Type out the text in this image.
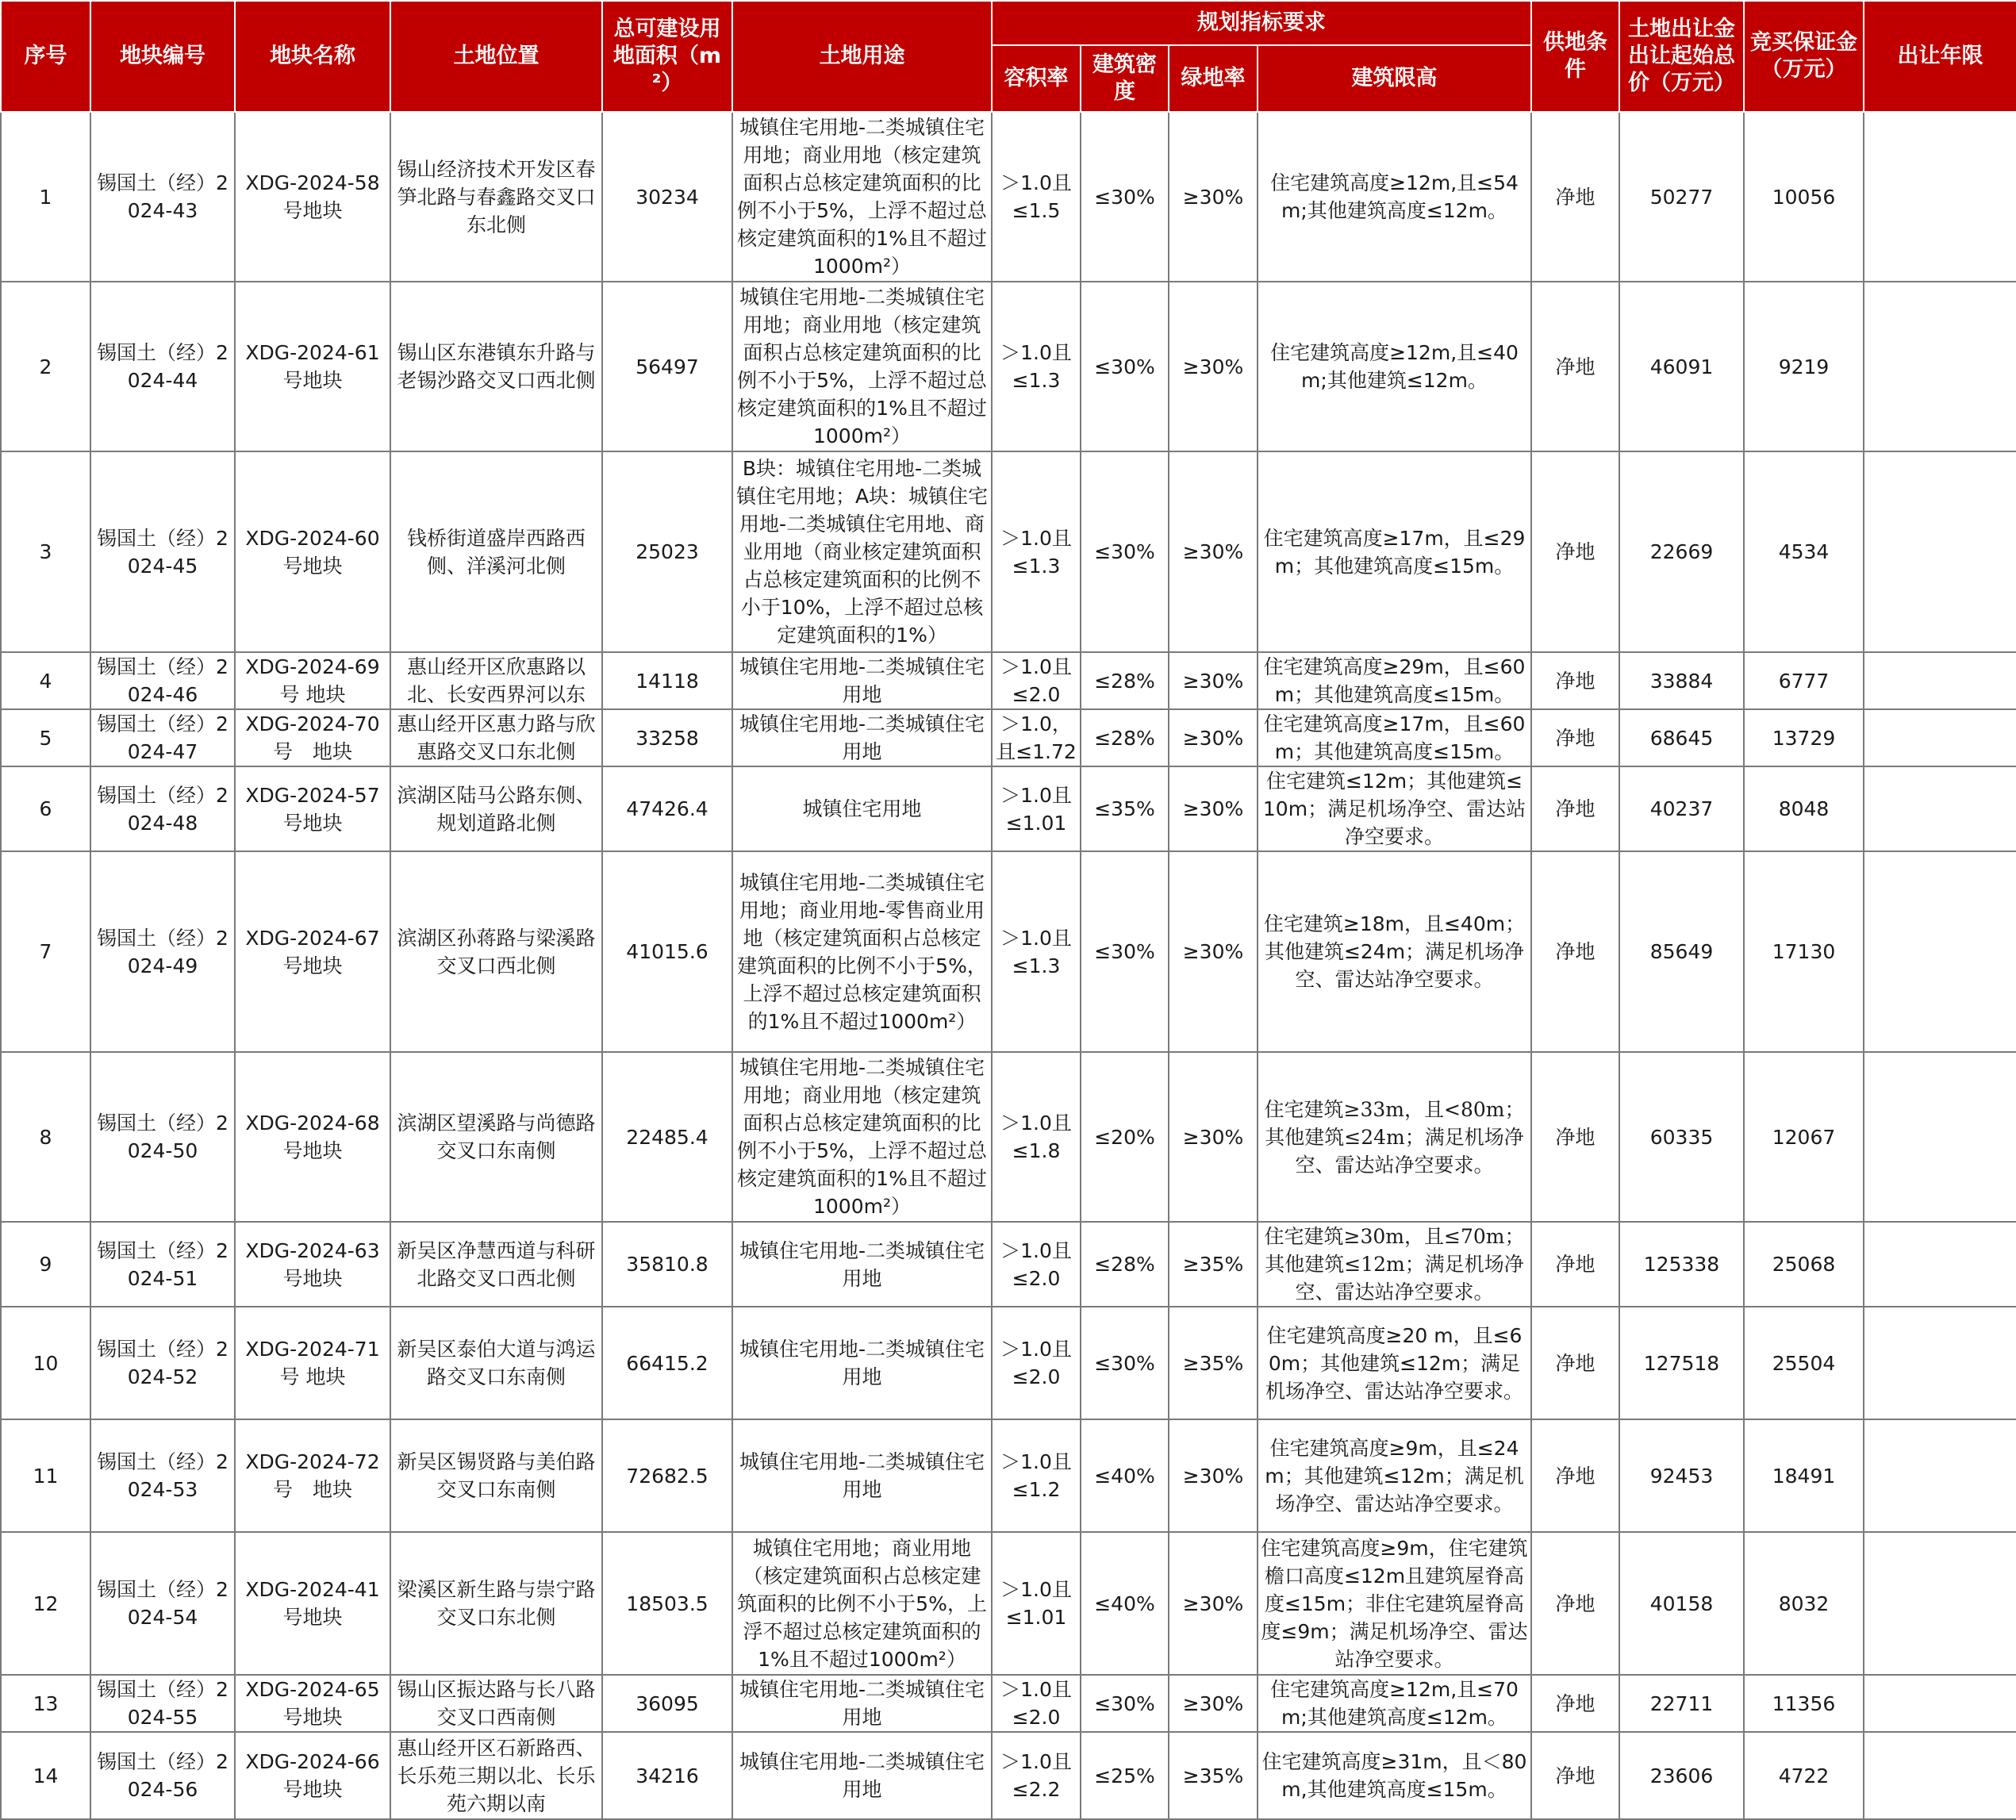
序号	地块编号	地块名称	土地位置	总可建设用地面积（m²）	土地用途	规划指标要求				供地条件	土地出让金出让起始总价（万元）	竞买保证金（万元）	出让年限
						容积率	建筑密度	绿地率	建筑限高				
1	锡国土（经）2024-43	XDG-2024-58号地块	锡山经济技术开发区春笋北路与春鑫路交叉口东北侧	30234	城镇住宅用地-二类城镇住宅用地；商业用地（核定建筑面积占总核定建筑面积的比例不小于5%，上浮不超过总核定建筑面积的1%且不超过1000m²）	＞1.0且≤1.5	≤30%	≥30%	住宅建筑高度≥12m,且≤54m;其他建筑高度≤12m。	净地	50277	10056	
2	锡国土（经）2024-44	XDG-2024-61号地块	锡山区东港镇东升路与老锡沙路交叉口西北侧	56497	城镇住宅用地-二类城镇住宅用地；商业用地（核定建筑面积占总核定建筑面积的比例不小于5%，上浮不超过总核定建筑面积的1%且不超过1000m²）	＞1.0且≤1.3	≤30%	≥30%	住宅建筑高度≥12m,且≤40m;其他建筑≤12m。	净地	46091	9219	
3	锡国土（经）2024-45	XDG-2024-60号地块	钱桥街道盛岸西路西侧、洋溪河北侧	25023	B块：城镇住宅用地-二类城镇住宅用地；A块：城镇住宅用地-二类城镇住宅用地、商业用地（商业核定建筑面积占总核定建筑面积的比例不小于10%，上浮不超过总核定建筑面积的1%）	＞1.0且≤1.3	≤30%	≥30%	住宅建筑高度≥17m，且≤29m；其他建筑高度≤15m。	净地	22669	4534	
4	锡国土（经）2024-46	XDG-2024-69号 地块	惠山经开区欣惠路以北、长安西界河以东	14118	城镇住宅用地-二类城镇住宅用地	＞1.0且≤2.0	≤28%	≥30%	住宅建筑高度≥29m，且≤60m；其他建筑高度≤15m。	净地	33884	6777	
5	锡国土（经）2024-47	XDG-2024-70号　地块	惠山经开区惠力路与欣惠路交叉口东北侧	33258	城镇住宅用地-二类城镇住宅用地	＞1.0，且≤1.72	≤28%	≥30%	住宅建筑高度≥17m，且≤60m；其他建筑高度≤15m。	净地	68645	13729	
6	锡国土（经）2024-48	XDG-2024-57号地块	滨湖区陆马公路东侧、规划道路北侧	47426.4	城镇住宅用地	＞1.0且≤1.01	≤35%	≥30%	住宅建筑≤12m；其他建筑≤10m；满足机场净空、雷达站净空要求。	净地	40237	8048	
7	锡国土（经）2024-49	XDG-2024-67号地块	滨湖区孙蒋路与梁溪路交叉口西北侧	41015.6	城镇住宅用地-二类城镇住宅用地；商业用地-零售商业用地（核定建筑面积占总核定建筑面积的比例不小于5%，上浮不超过总核定建筑面积的1%且不超过1000m²）	＞1.0且≤1.3	≤30%	≥30%	住宅建筑≥18m，且≤40m；其他建筑≤24m；满足机场净空、雷达站净空要求。	净地	85649	17130	
8	锡国土（经）2024-50	XDG-2024-68号地块	滨湖区望溪路与尚德路交叉口东南侧	22485.4	城镇住宅用地-二类城镇住宅用地；商业用地（核定建筑面积占总核定建筑面积的比例不小于5%，上浮不超过总核定建筑面积的1%且不超过1000m²）	＞1.0且≤1.8	≤20%	≥30%	住宅建筑≥33m，且<80m；其他建筑≤24m；满足机场净空、雷达站净空要求。	净地	60335	12067	
9	锡国土（经）2024-51	XDG-2024-63号地块	新吴区净慧西道与科研北路交叉口西北侧	35810.8	城镇住宅用地-二类城镇住宅用地	＞1.0且≤2.0	≤28%	≥35%	住宅建筑≥30m，且≤70m；其他建筑≤12m；满足机场净空、雷达站净空要求。	净地	125338	25068	
10	锡国土（经）2024-52	XDG-2024-71号 地块	新吴区泰伯大道与鸿运路交叉口东南侧	66415.2	城镇住宅用地-二类城镇住宅用地	＞1.0且≤2.0	≤30%	≥35%	住宅建筑高度≥20 m，且≤60m；其他建筑≤12m；满足机场净空、雷达站净空要求。	净地	127518	25504	
11	锡国土（经）2024-53	XDG-2024-72号　地块	新吴区锡贤路与美伯路交叉口东南侧	72682.5	城镇住宅用地-二类城镇住宅用地	＞1.0且≤1.2	≤40%	≥30%	住宅建筑高度≥9m，且≤24m；其他建筑≤12m；满足机场净空、雷达站净空要求。	净地	92453	18491	
12	锡国土（经）2024-54	XDG-2024-41号地块	梁溪区新生路与崇宁路交叉口东北侧	18503.5	城镇住宅用地；商业用地（核定建筑面积占总核定建筑面积的比例不小于5%，上浮不超过总核定建筑面积的1%且不超过1000m²）	＞1.0且≤1.01	≤40%	≥30%	住宅建筑高度≥9m，住宅建筑檐口高度≤12m且建筑屋脊高度≤15m；非住宅建筑屋脊高度≤9m；满足机场净空、雷达站净空要求。	净地	40158	8032	
13	锡国土（经）2024-55	XDG-2024-65号地块	锡山区振达路与长八路交叉口西南侧	36095	城镇住宅用地-二类城镇住宅用地	＞1.0且≤2.0	≤30%	≥30%	住宅建筑高度≥12m,且≤70m;其他建筑高度≤12m。	净地	22711	11356	
14	锡国土（经）2024-56	XDG-2024-66号地块	惠山经开区石新路西、长乐苑三期以北、长乐苑六期以南	34216	城镇住宅用地-二类城镇住宅用地	＞1.0且≤2.2	≤25%	≥35%	住宅建筑高度≥31m，且＜80m,其他建筑高度≤15m。	净地	23606	4722	
